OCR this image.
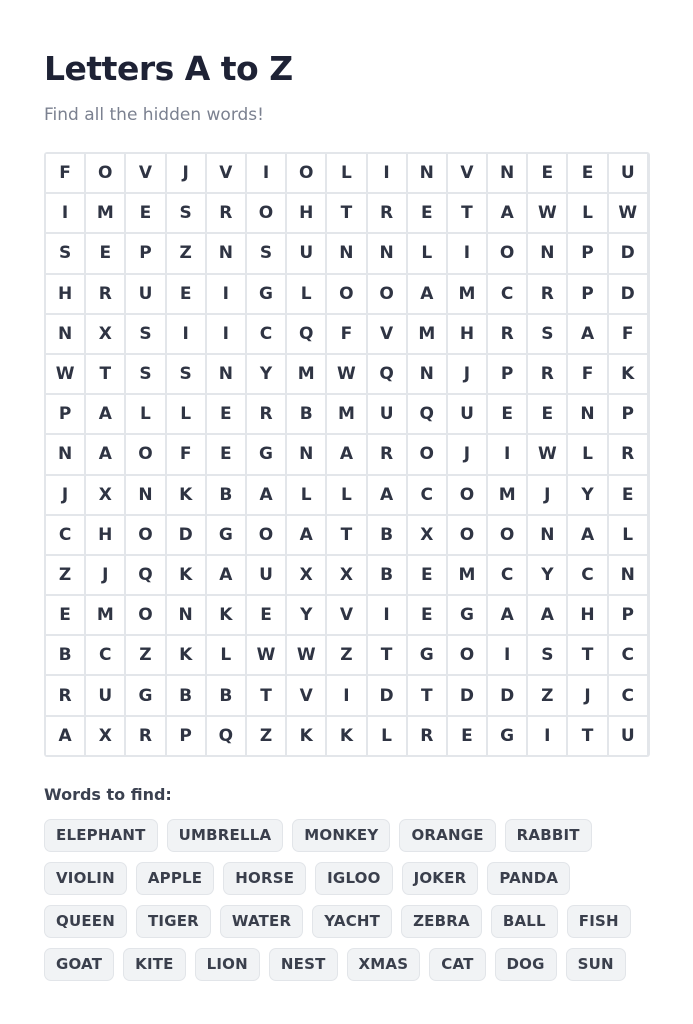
Letters A to Z

Find all the hidden words!

F	O	V	J	V	I	O	L	I	N	V	N	E	E	U
I	M	E	S	R	O	H	T	R	E	T	A	W	L	W
S	E	P	Z	N	S	U	N	N	L	I	O	N	P	D
H	R	U	E	I	G	L	O	O	A	M	C	R	P	D
N	X	S	I	I	C	Q	F	V	M	H	R	S	A	F
W	T	S	S	N	Y	M	W	Q	N	J	P	R	F	K
P	A	L	L	E	R	B	M	U	Q	U	E	E	N	P
N	A	O	F	E	G	N	A	R	O	J	I	W	L	R
J	X	N	K	B	A	L	L	A	C	O	M	J	Y	E
C	H	O	D	G	O	A	T	B	X	O	O	N	A	L
Z	J	Q	K	A	U	X	X	B	E	M	C	Y	C	N
E	M	O	N	K	E	Y	V	I	E	G	A	A	H	P
B	C	Z	K	L	W	W	Z	T	G	O	I	S	T	C
R	U	G	B	B	T	V	I	D	T	D	D	Z	J	C
A	X	R	P	Q	Z	K	K	L	R	E	G	I	T	U
Words to find:
ELEPHANT	UMBRELLA	MONKEY	ORANGE	RABBIT
VIOLIN	APPLE	HORSE	IGLOO	JOKER	PANDA
QUEEN	TIGER	WATER	YACHT	ZEBRA	BALL	FISH
GOAT	KITE	LION	NEST	XMAS	CAT	DOG	SUN
